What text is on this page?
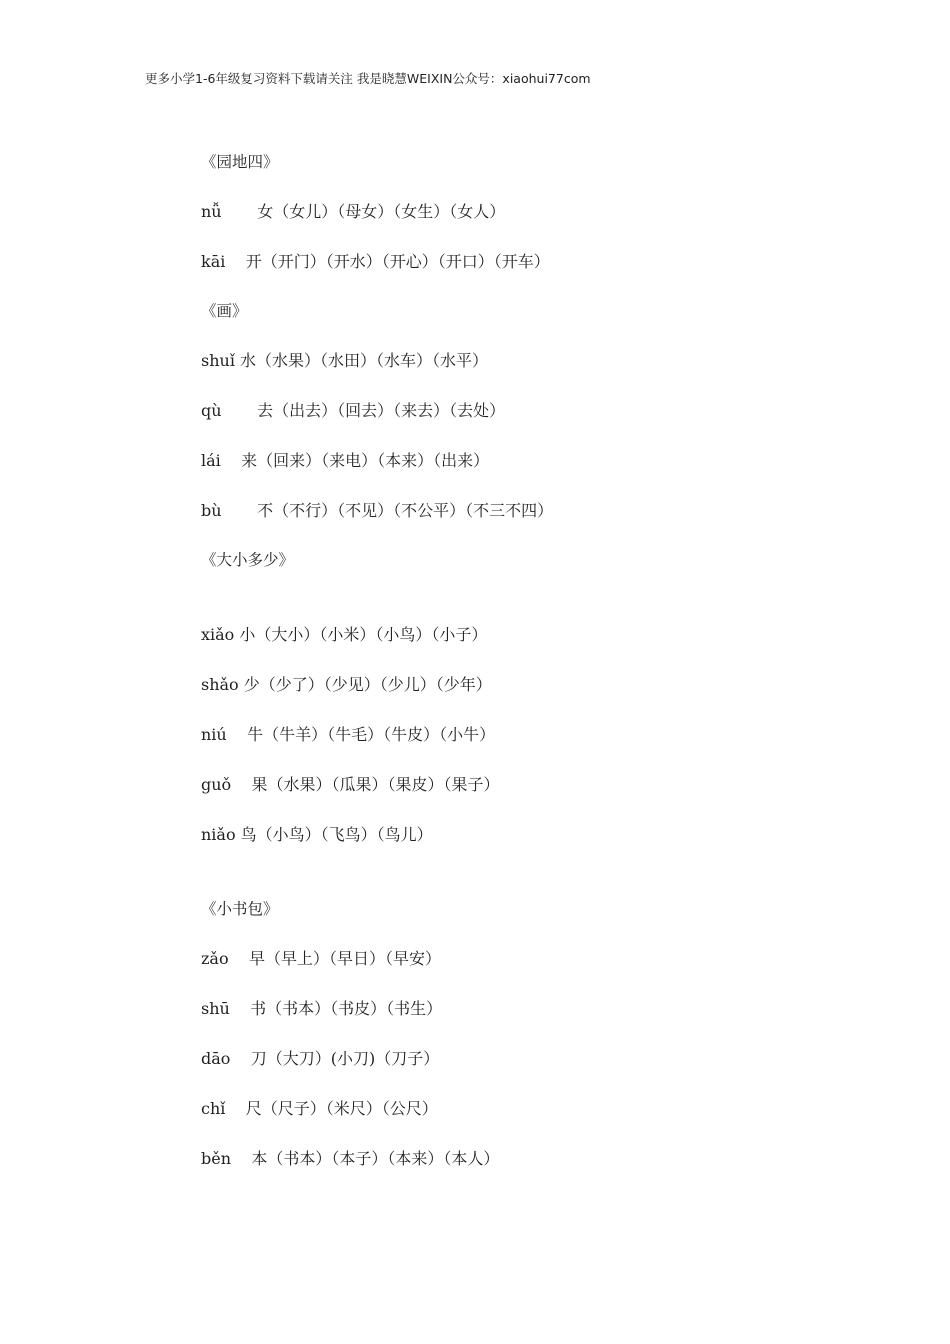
更多小学1-6年级复习资料下载请关注 我是晓慧WEIXIN公众号：xiaohui77com
《园地四》
nǚ       女（女儿）（母女）（女生）（女人）
kāi    开（开门）（开水）（开心）（开口）（开车）
《画》
shuǐ 水（水果）（水田）（水车）（水平）
qù       去（出去）（回去）（来去）（去处）
lái    来（回来）（来电）（本来）（出来）
bù       不（不行）（不见）（不公平）（不三不四）
《大小多少》
xiǎo 小（大小）（小米）（小鸟）（小子）
shǎo 少（少了）（少见）（少儿）（少年）
niú    牛（牛羊）（牛毛）（牛皮）（小牛）
guǒ    果（水果）（瓜果）（果皮）（果子）
niǎo 鸟（小鸟）（飞鸟）（鸟儿）
《小书包》
zǎo    早（早上）（早日）（早安）
shū    书（书本）（书皮）（书生）
dāo    刀（大刀）(小刀)（刀子）
chǐ    尺（尺子）（米尺）（公尺）
běn    本（书本）（本子）（本来）（本人）
